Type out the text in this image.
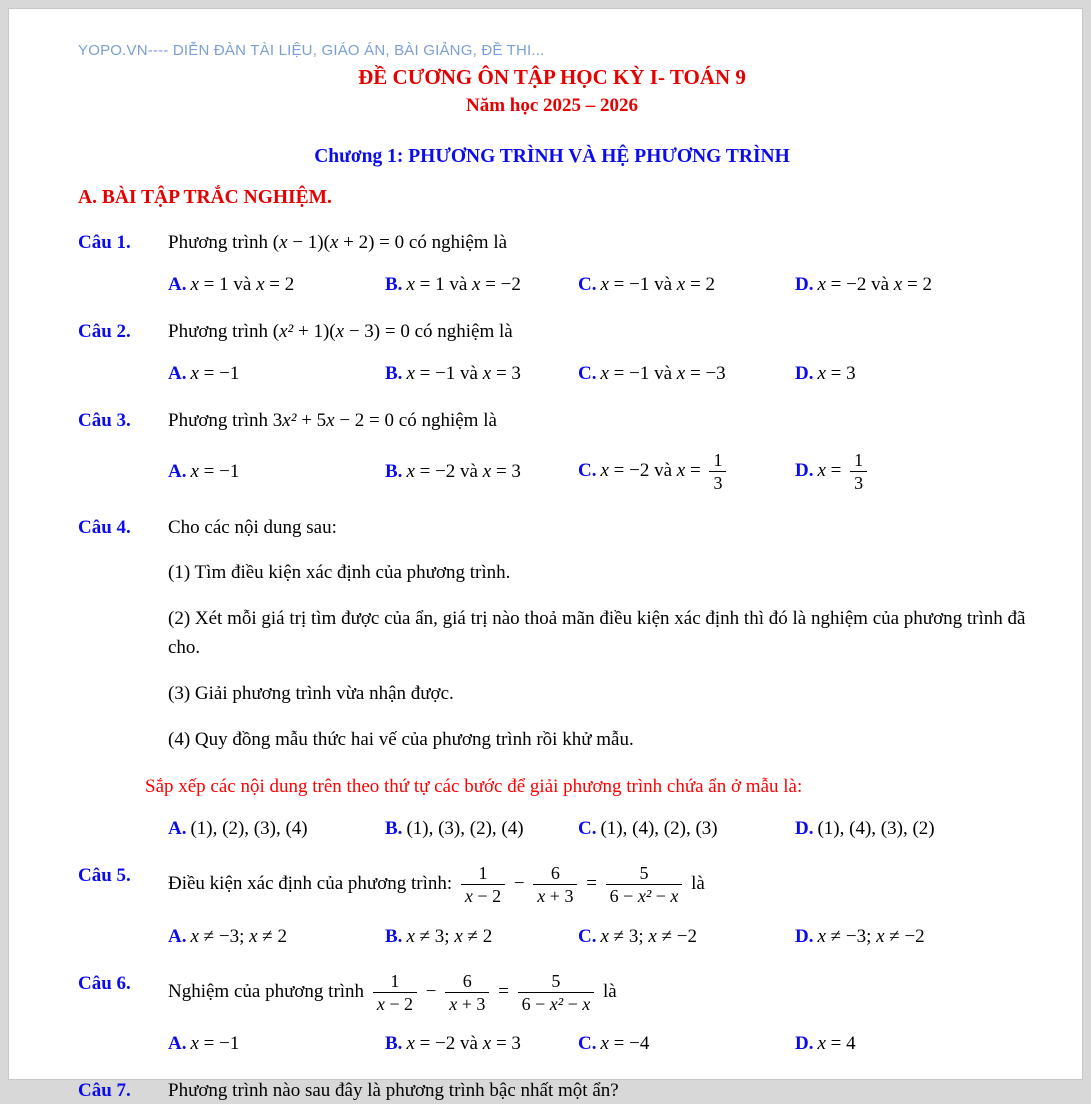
YOPO.VN---- DIỄN ĐÀN TÀI LIỆU, GIÁO ÁN, BÀI GIẢNG, ĐỀ THI...
ĐỀ CƯƠNG ÔN TẬP HỌC KỲ I- TOÁN 9
Năm học 2025 – 2026
Chương 1: PHƯƠNG TRÌNH VÀ HỆ PHƯƠNG TRÌNH
A. BÀI TẬP TRẮC NGHIỆM.
Câu 1.	Phương trình (x − 1)(x + 2) = 0 có nghiệm là
A. x = 1 và x = 2	B. x = 1 và x = −2	C. x = −1 và x = 2	D. x = −2 và x = 2
Câu 2.	Phương trình (x² + 1)(x − 3) = 0 có nghiệm là
A. x = −1	B. x = −1 và x = 3	C. x = −1 và x = −3	D. x = 3
Câu 3.	Phương trình 3x² + 5x − 2 = 0 có nghiệm là
A. x = −1	B. x = −2 và x = 3	C. x = −2 và $x = \frac{1}{3}$	D. $x = \frac{1}{3}$
Câu 4.	Cho các nội dung sau:

(1) Tìm điều kiện xác định của phương trình.

(2) Xét mỗi giá trị tìm được của ẩn, giá trị nào thoả mãn điều kiện xác định thì đó là nghiệm của phương trình đã cho.

(3) Giải phương trình vừa nhận được.

(4) Quy đồng mẫu thức hai vế của phương trình rồi khử mẫu.

Sắp xếp các nội dung trên theo thứ tự các bước để giải phương trình chứa ẩn ở mẫu là:

A. (1), (2), (3), (4)	B. (1), (3), (2), (4)	C. (1), (4), (2), (3)	D. (1), (4), (3), (2)
Câu 5.	Điều kiện xác định của phương trình: $\frac{1}{x - 2} - \frac{6}{x + 3} = \frac{5}{\text{6 − x² − x}}$ là
A. x ≠ −3; x ≠ 2	B. x ≠ 3; x ≠ 2	C. x ≠ 3; x ≠ −2	D. x ≠ −3; x ≠ −2
Câu 6.	Nghiệm của phương trình $\frac{1}{x - 2} - \frac{6}{x + 3} = \frac{5}{\text{6 − x² − x}}$ là
A. x = −1	B. x = −2 và x = 3	C. x = −4	D. x = 4
Câu 7.	Phương trình nào sau đây là phương trình bậc nhất một ẩn?
